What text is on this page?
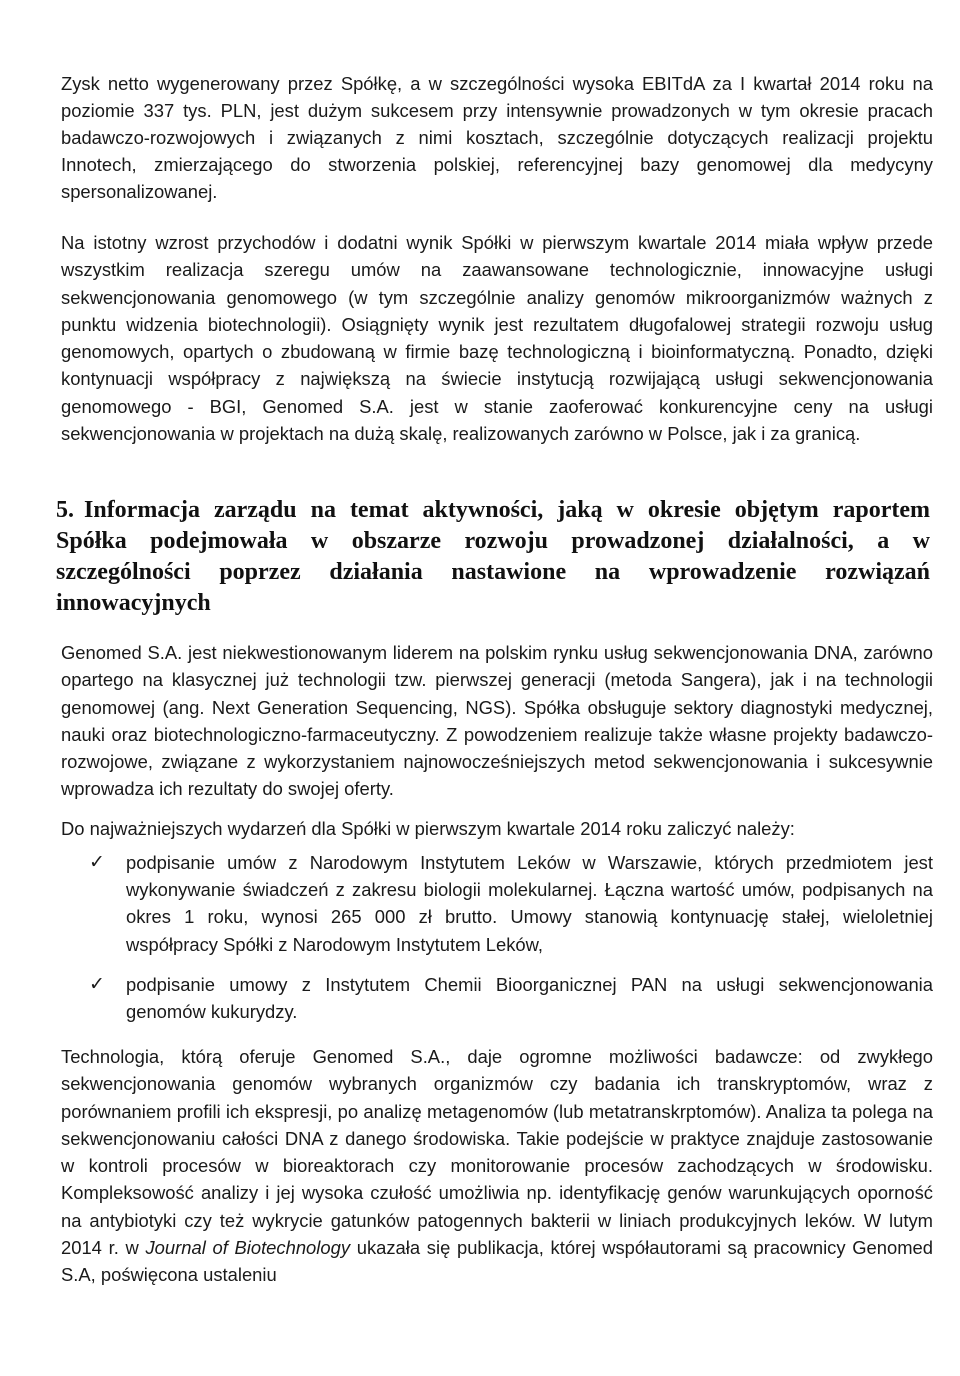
Zysk netto wygenerowany przez Spółkę, a w szczególności wysoka EBITdA za I kwartał 2014 roku na poziomie 337 tys. PLN, jest dużym sukcesem przy intensywnie prowadzonych w tym okresie pracach badawczo-rozwojowych i związanych z nimi kosztach, szczególnie dotyczących realizacji projektu Innotech, zmierzającego do stworzenia polskiej, referencyjnej bazy genomowej dla medycyny spersonalizowanej.

Na istotny wzrost przychodów i dodatni wynik Spółki w pierwszym kwartale 2014 miała wpływ przede wszystkim realizacja szeregu umów na zaawansowane technologicznie, innowacyjne usługi sekwencjonowania genomowego (w tym szczególnie analizy genomów mikroorganizmów ważnych z punktu widzenia biotechnologii). Osiągnięty wynik jest rezultatem długofalowej strategii rozwoju usług genomowych, opartych o zbudowaną w firmie bazę technologiczną i bioinformatyczną. Ponadto, dzięki kontynuacji współpracy z największą na świecie instytucją rozwijającą usługi sekwencjonowania genomowego - BGI, Genomed S.A. jest w stanie zaoferować konkurencyjne ceny na usługi sekwencjonowania w projektach na dużą skalę, realizowanych zarówno w Polsce, jak i za granicą.

5. Informacja zarządu na temat aktywności, jaką w okresie objętym raportem Spółka podejmowała w obszarze rozwoju prowadzonej działalności, a w szczególności poprzez działania nastawione na wprowadzenie rozwiązań innowacyjnych

Genomed S.A. jest niekwestionowanym liderem na polskim rynku usług sekwencjonowania DNA, zarówno opartego na klasycznej już technologii tzw. pierwszej generacji (metoda Sangera), jak i na technologii genomowej (ang. Next Generation Sequencing, NGS). Spółka obsługuje sektory diagnostyki medycznej, nauki oraz biotechnologiczno-farmaceutyczny. Z powodzeniem realizuje także własne projekty badawczo-rozwojowe, związane z wykorzystaniem najnowocześniejszych metod sekwencjonowania i sukcesywnie wprowadza ich rezultaty do swojej oferty.

Do najważniejszych wydarzeń dla Spółki w pierwszym kwartale 2014 roku zaliczyć należy:

✓ podpisanie umów z Narodowym Instytutem Leków w Warszawie, których przedmiotem jest wykonywanie świadczeń z zakresu biologii molekularnej. Łączna wartość umów, podpisanych na okres 1 roku, wynosi 265 000 zł brutto. Umowy stanowią kontynuację stałej, wieloletniej współpracy Spółki z Narodowym Instytutem Leków,
✓ podpisanie umowy z Instytutem Chemii Bioorganicznej PAN na usługi sekwencjonowania genomów kukurydzy.

Technologia, którą oferuje Genomed S.A., daje ogromne możliwości badawcze: od zwykłego sekwencjonowania genomów wybranych organizmów czy badania ich transkryptomów, wraz z porównaniem profili ich ekspresji, po analizę metagenomów (lub metatranskrptomów). Analiza ta polega na sekwencjonowaniu całości DNA z danego środowiska. Takie podejście w praktyce znajduje zastosowanie w kontroli procesów w bioreaktorach czy monitorowanie procesów zachodzących w środowisku. Kompleksowość analizy i jej wysoka czułość umożliwia np. identyfikację genów warunkujących oporność na antybiotyki czy też wykrycie gatunków patogennych bakterii w liniach produkcyjnych leków. W lutym 2014 r. w Journal of Biotechnology ukazała się publikacja, której współautorami są pracownicy Genomed S.A, poświęcona ustaleniu
